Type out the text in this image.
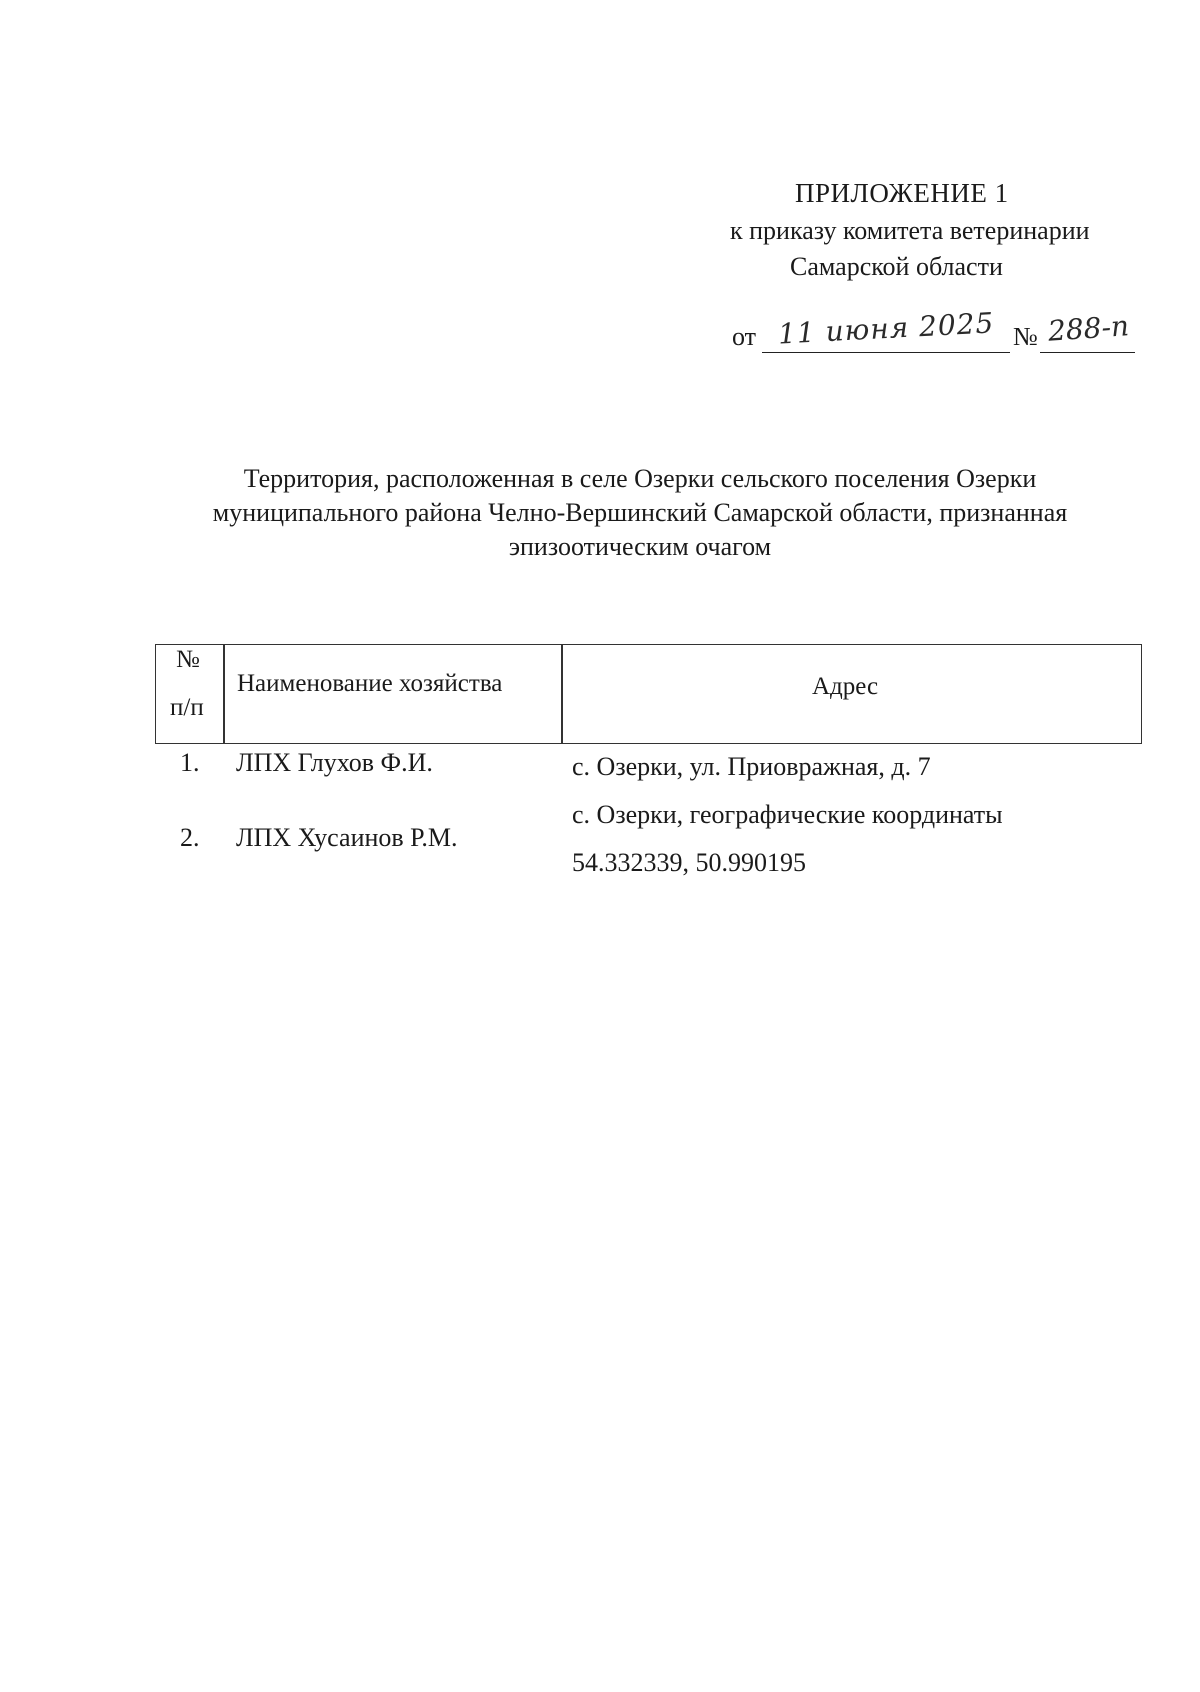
ПРИЛОЖЕНИЕ 1
к приказу комитета ветеринарии
Самарской области
от 11 июня 2025 № 288-п
Территория, расположенная в селе Озерки сельского поселения Озерки
муниципального района Челно-Вершинский Самарской области, признанная
эпизоотическим очагом
№
п/п
Наименование хозяйства	Адрес
1. ЛПХ Глухов Ф.И.	с. Озерки, ул. Приовражная, д. 7
2. ЛПХ Хусаинов Р.М.
с. Озерки, географические координаты
54.332339, 50.990195
